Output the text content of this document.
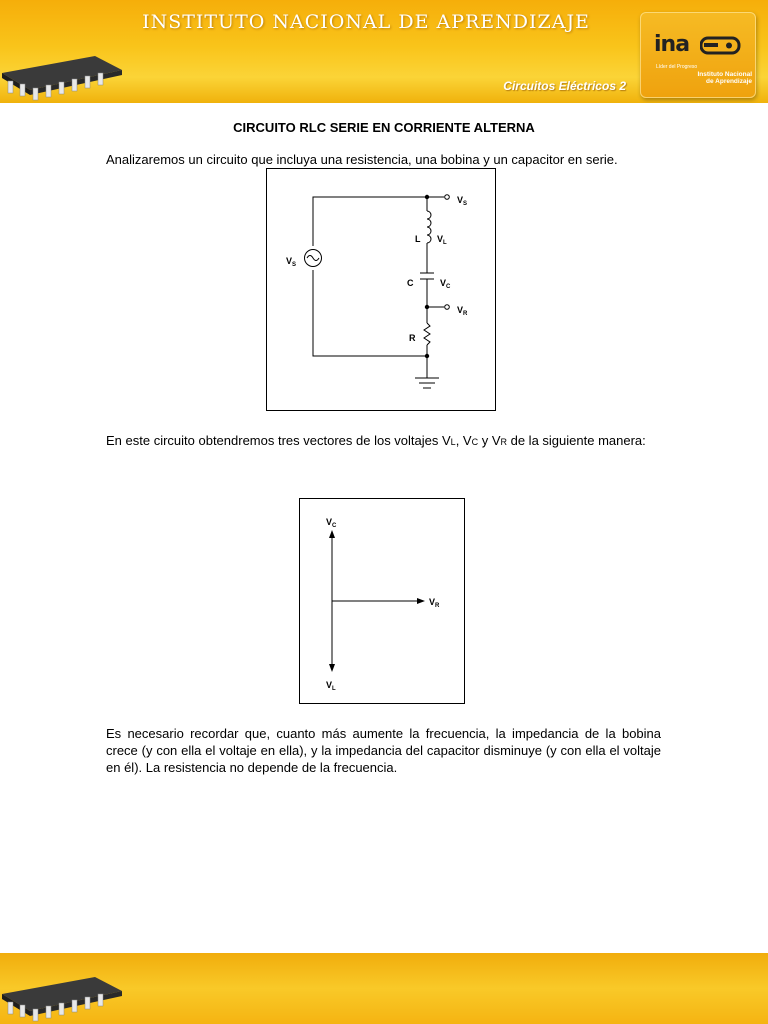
INSTITUTO NACIONAL DE APRENDIZAJE
Circuitos Eléctricos 2
ina
Líder del Progreso
Instituto Nacional
de Aprendizaje
CIRCUITO RLC SERIE EN CORRIENTE ALTERNA
Analizaremos un circuito que incluya una resistencia, una bobina y un capacitor en serie.
$V_S$
$V_S$
L $V_L$
C	$V_C$
$V_R$
R
En este circuito obtendremos tres vectores de los voltajes VL, VC y VR de la siguiente manera:
$V_C$
$V_R$
$V_L$
Es necesario recordar que, cuanto más aumente la frecuencia, la impedancia de la bobina crece (y con ella el voltaje en ella), y la impedancia del capacitor disminuye (y con ella el voltaje en él). La resistencia no depende de la frecuencia.
